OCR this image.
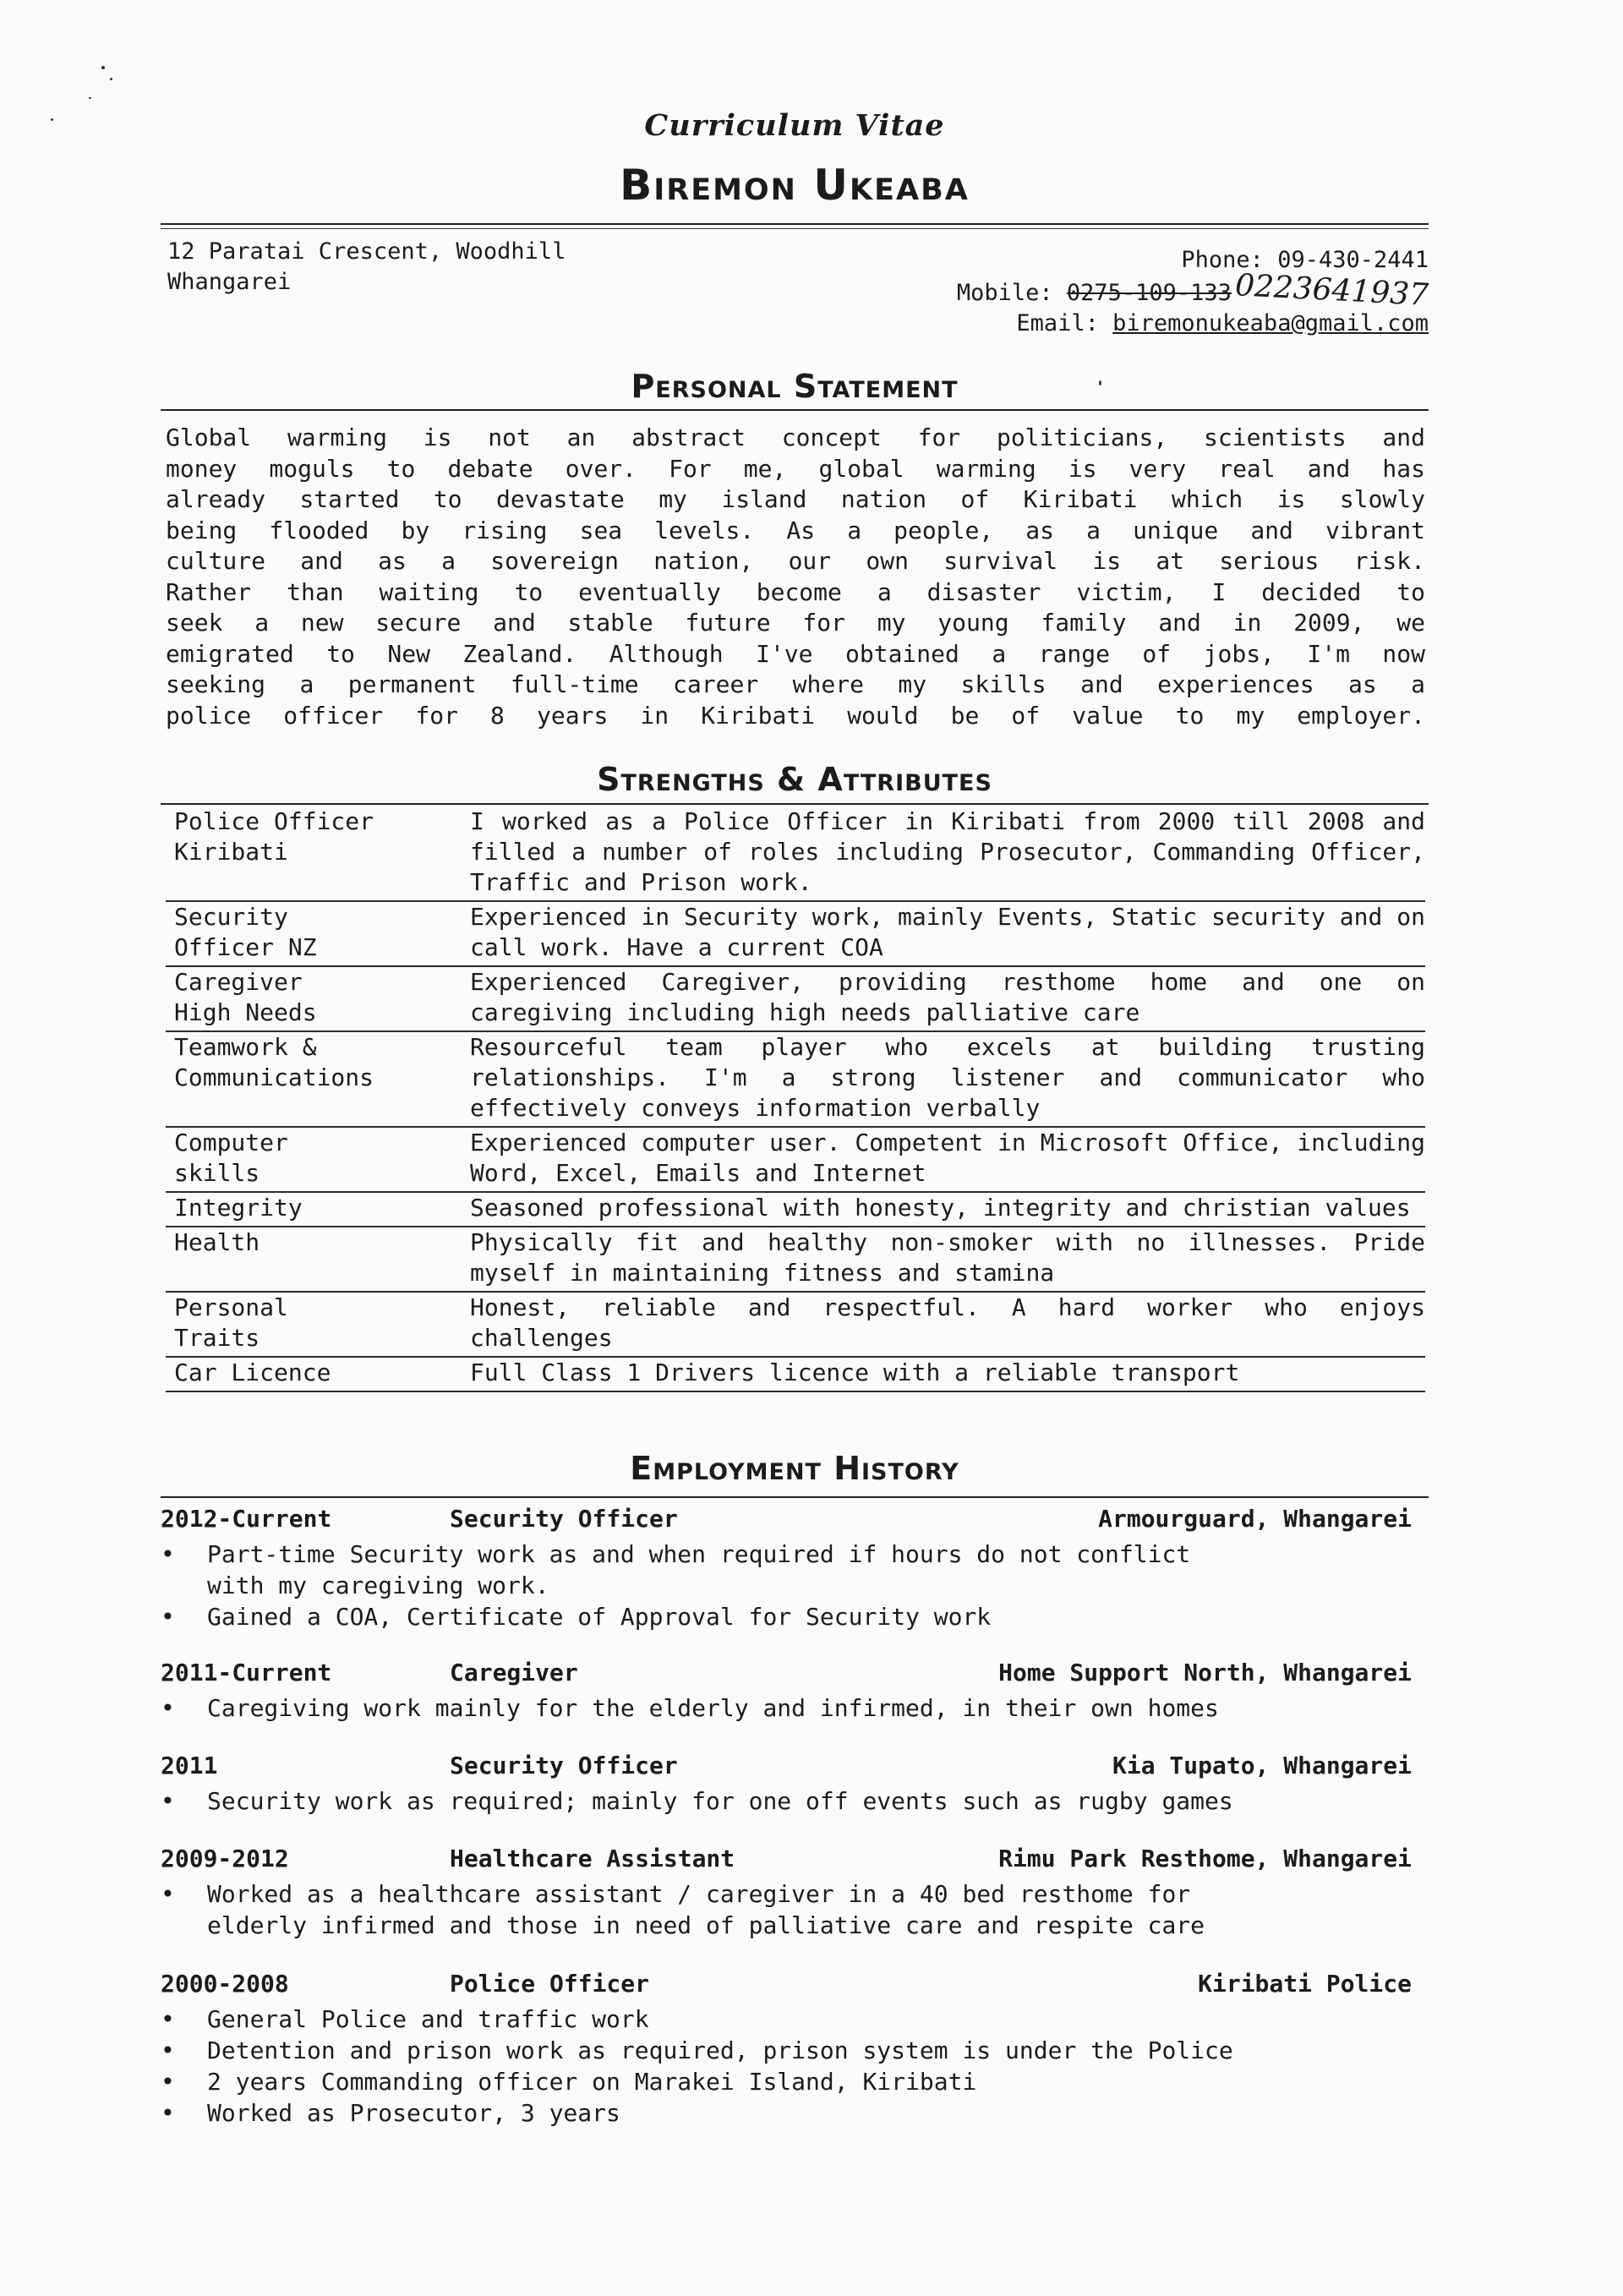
Curriculum Vitae
Biremon Ukeaba
12 Paratai Crescent, Woodhill
Whangarei
Phone: 09-430-2441
Mobile: 0275-109-1330223641937
Email: biremonukeaba@gmail.com
Personal Statement
Global warming is not an abstract concept for politicians, scientists and
money moguls to debate over. For me, global warming is very real and has
already started to devastate my island nation of Kiribati which is slowly
being flooded by rising sea levels. As a people, as a unique and vibrant
culture and as a sovereign nation, our own survival is at serious risk.
Rather than waiting to eventually become a disaster victim, I decided to
seek a new secure and stable future for my young family and in 2009, we
emigrated to New Zealand. Although I've obtained a range of jobs, I'm now
seeking a permanent full-time career where my skills and experiences as a
police officer for 8 years in Kiribati would be of value to my employer.
Strengths & Attributes
Police Officer
Kiribati	I worked as a Police Officer in Kiribati from 2000 till 2008 and filled a number of roles including Prosecutor, Commanding Officer, Traffic and Prison work.
Security
Officer NZ	Experienced in Security work, mainly Events, Static security and on call work. Have a current COA
Caregiver
High Needs	Experienced Caregiver, providing resthome home and one on caregiving including high needs palliative care
Teamwork &
Communications	Resourceful team player who excels at building trusting relationships. I'm a strong listener and communicator who effectively conveys information verbally
Computer
skills	Experienced computer user. Competent in Microsoft Office, including Word, Excel, Emails and Internet
Integrity	Seasoned professional with honesty, integrity and christian values
Health	Physically fit and healthy non-smoker with no illnesses. Pride myself in maintaining fitness and stamina
Personal
Traits	Honest, reliable and respectful. A hard worker who enjoys challenges
Car Licence	Full Class 1 Drivers licence with a reliable transport
Employment History
2012-Current	Security Officer	Armourguard, Whangarei
• Part-time Security work as and when required if hours do not conflict
with my caregiving work.
• Gained a COA, Certificate of Approval for Security work
2011-Current	Caregiver	Home Support North, Whangarei
• Caregiving work mainly for the elderly and infirmed, in their own homes
2011	Security Officer	Kia Tupato, Whangarei
• Security work as required; mainly for one off events such as rugby games
2009-2012	Healthcare Assistant	Rimu Park Resthome, Whangarei
• Worked as a healthcare assistant / caregiver in a 40 bed resthome for
elderly infirmed and those in need of palliative care and respite care
2000-2008	Police Officer	Kiribati Police
• General Police and traffic work
• Detention and prison work as required, prison system is under the Police
• 2 years Commanding officer on Marakei Island, Kiribati
• Worked as Prosecutor, 3 years
